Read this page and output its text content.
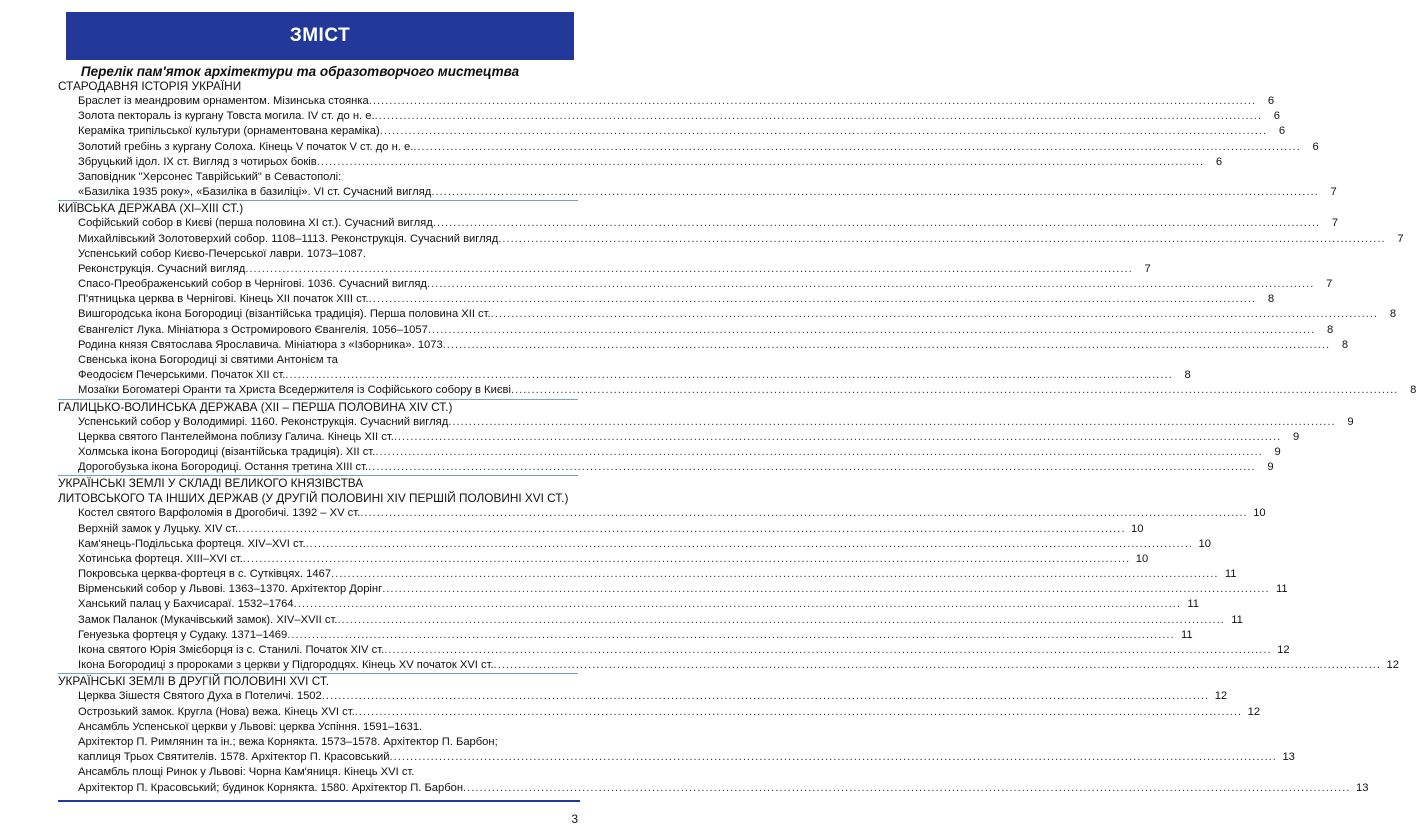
ЗМІСТ
Перелік пам'яток архітектури та образотворчого мистецтва
СТАРОДАВНЯ ІСТОРІЯ УКРАЇНИ
Браслет із меандровим орнаментом. Мізинська стоянка .....	6
Золота пектораль із кургану Товста могила. IV ст. до н. е. .....	6
Кераміка трипільської культури (орнаментована кераміка) .....	6
Золотий гребінь з кургану Солоха. Кінець V початок V ст. до н. е. .....	6
Збруцький ідол. IX ст. Вигляд з чотирьох боків .....	6
Заповідник "Херсонес Таврійський" в Севастополі:
«Базиліка 1935 року», «Базиліка в базиліці». VI ст. Сучасний вигляд .....	7
КИЇВСЬКА ДЕРЖАВА (XI–XIII СТ.)
Софійський собор в Києві (перша половина XI ст.). Сучасний вигляд .....	7
Михайлівський Золотоверхий собор. 1108–1113. Реконструкція. Сучасний вигляд .....	7
Успенський собор Києво-Печерської лаври. 1073–1087.
Реконструкція. Сучасний вигляд .....	7
Спасо-Преображенський собор в Чернігові. 1036. Сучасний вигляд .....	7
П'ятницька церква в Чернігові. Кінець XII початок XIII ст. .....	8
Вишгородська ікона Богородиці (візантійська традиція). Перша половина XII ст. .....	8
Євангеліст Лука. Мініатюра з Остромирового Євангелія. 1056–1057 .....	8
Родина князя Святослава Ярославича. Мініатюра з «Ізборника». 1073 .....	8
Свенська ікона Богородиці зі святими Антонієм та
Феодосієм Печерськими. Початок XII ст. .....	8
Мозаїки Богоматері Оранти та Христа Вседержителя із Софійського собору в Києві .....	8
ГАЛИЦЬКО-ВОЛИНСЬКА ДЕРЖАВА (XII – ПЕРША ПОЛОВИНА XIV СТ.)
Успенський собор у Володимирі. 1160. Реконструкція. Сучасний вигляд .....	9
Церква святого Пантелеймона поблизу Галича. Кінець XII ст. .....	9
Холмська ікона Богородиці (візантійська традиція). XII ст. .....	9
Дорогобузька ікона Богородиці. Остання третина XIII ст. .....	9
УКРАЇНСЬКІ ЗЕМЛІ У СКЛАДІ ВЕЛИКОГО КНЯЗІВСТВА
ЛИТОВСЬКОГО ТА ІНШИХ ДЕРЖАВ (У ДРУГІЙ ПОЛОВИНІ XIV ПЕРШІЙ ПОЛОВИНІ XVI СТ.)
Костел святого Варфоломія в Дрогобичі. 1392 – XV ст. .....	10
Верхній замок у Луцьку. XIV ст. .....	10
Кам'янець-Подільська фортеця. XIV–XVI ст. .....	10
Хотинська фортеця. XIII–XVI ст. .....	10
Покровська церква-фортеця в с. Сутківцях. 1467 .....	11
Вірменський собор у Львові. 1363–1370. Архітектор Дорінг .....	11
Ханський палац у Бахчисараї. 1532–1764 .....	11
Замок Паланок (Мукачівський замок). XIV–XVII ст. .....	11
Генуезька фортеця у Судаку. 1371–1469 .....	11
Ікона святого Юрія Змієборця із с. Станилі. Початок XIV ст. .....	12
Ікона Богородиці з пророками з церкви у Підгородцях. Кінець XV початок XVI ст. .....	12
УКРАЇНСЬКІ ЗЕМЛІ В ДРУГІЙ ПОЛОВИНІ XVI СТ.
Церква Зішестя Святого Духа в Потеличі. 1502 .....	12
Острозький замок. Кругла (Нова) вежа. Кінець XVI ст. .....	12
Ансамбль Успенської церкви у Львові: церква Успіння. 1591–1631.
Архітектор П. Римлянин та ін.; вежа Корнякта. 1573–1578. Архітектор П. Барбон;
каплиця Трьох Святителів. 1578. Архітектор П. Красовський .....	13
Ансамбль площі Ринок у Львові: Чорна Кам'яниця. Кінець XVI ст.
Архітектор П. Красовський; будинок Корнякта. 1580. Архітектор П. Барбон .....	13
3
